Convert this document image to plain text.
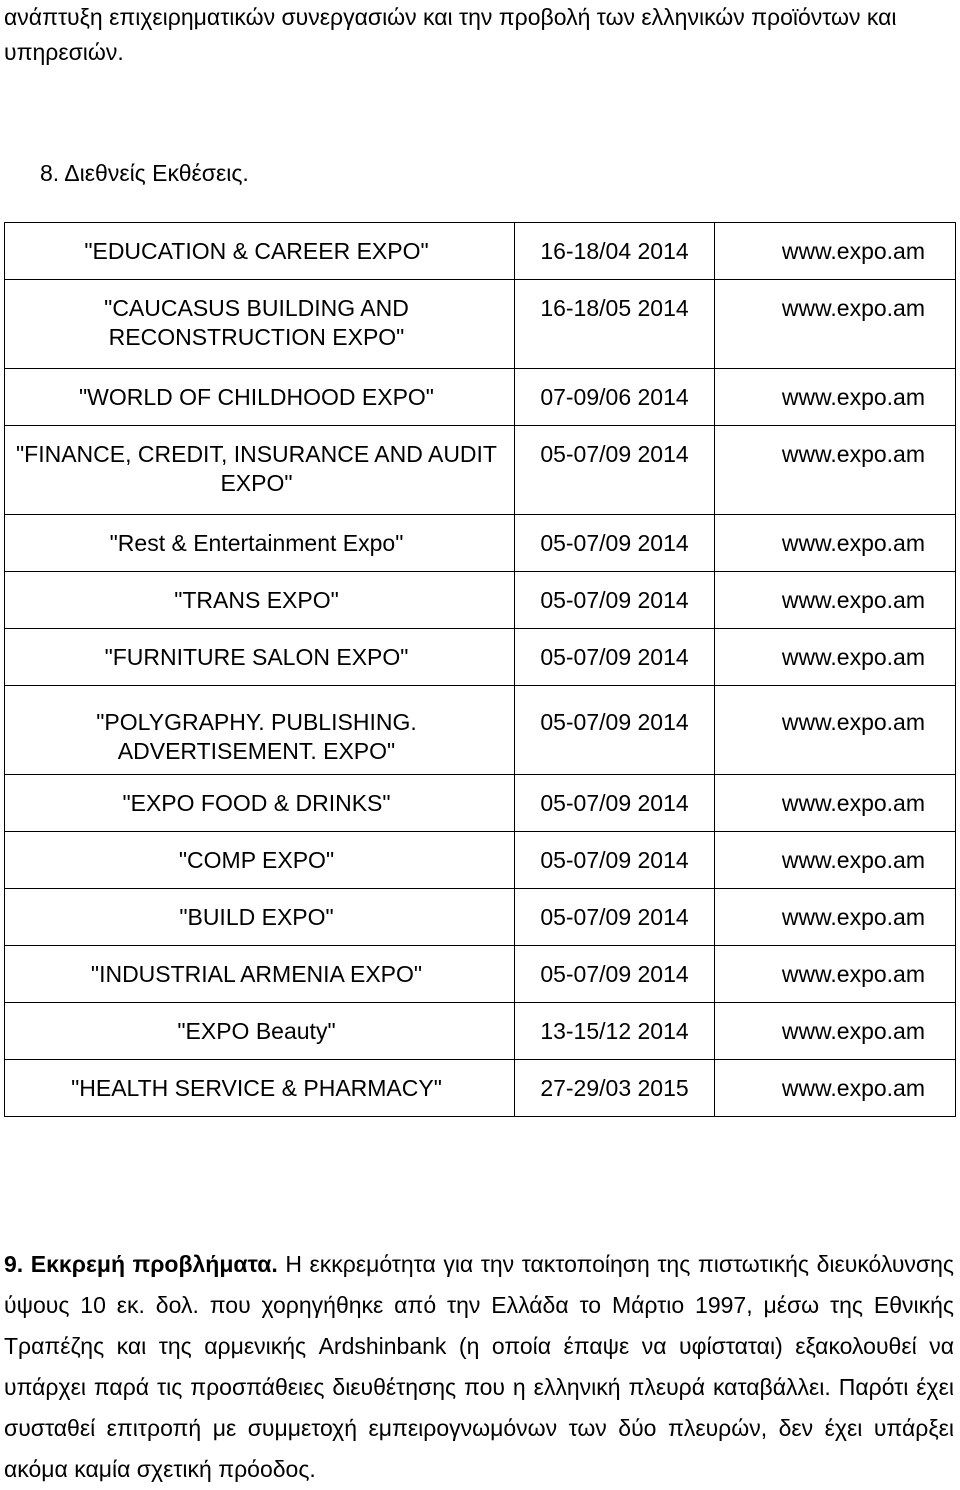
ανάπτυξη επιχειρηματικών συνεργασιών και την προβολή των ελληνικών προϊόντων και υπηρεσιών.

8. Διεθνείς Εκθέσεις.

"EDUCATION & CAREER EXPO"	16-18/04 2014	www.expo.am
"CAUCASUS BUILDING AND RECONSTRUCTION EXPO"	16-18/05 2014	www.expo.am
"WORLD OF CHILDHOOD EXPO"	07-09/06 2014	www.expo.am
"FINANCE, CREDIT, INSURANCE AND AUDIT EXPO"	05-07/09 2014	www.expo.am
"Rest & Entertainment Expo"	05-07/09 2014	www.expo.am
"TRANS EXPO"	05-07/09 2014	www.expo.am
"FURNITURE SALON EXPO"	05-07/09 2014	www.expo.am
"POLYGRAPHY. PUBLISHING. ADVERTISEMENT. EXPO"	05-07/09 2014	www.expo.am
"EXPO FOOD & DRINKS"	05-07/09 2014	www.expo.am
"COMP EXPO"	05-07/09 2014	www.expo.am
"BUILD EXPO"	05-07/09 2014	www.expo.am
"INDUSTRIAL ARMENIA EXPO"	05-07/09 2014	www.expo.am
"EXPO Beauty"	13-15/12 2014	www.expo.am
"HEALTH SERVICE & PHARMACY"	27-29/03 2015	www.expo.am

9. Εκκρεμή προβλήματα. Η εκκρεμότητα για την τακτοποίηση της πιστωτικής διευκόλυνσης ύψους 10 εκ. δολ. που χορηγήθηκε από την Ελλάδα το Μάρτιο 1997, μέσω της Εθνικής Τραπέζης και της αρμενικής Ardshinbank (η οποία έπαψε να υφίσταται) εξακολουθεί να υπάρχει παρά τις προσπάθειες διευθέτησης που η ελληνική πλευρά καταβάλλει. Παρότι έχει συσταθεί επιτροπή με συμμετοχή εμπειρογνωμόνων των δύο πλευρών, δεν έχει υπάρξει ακόμα καμία σχετική πρόοδος.
